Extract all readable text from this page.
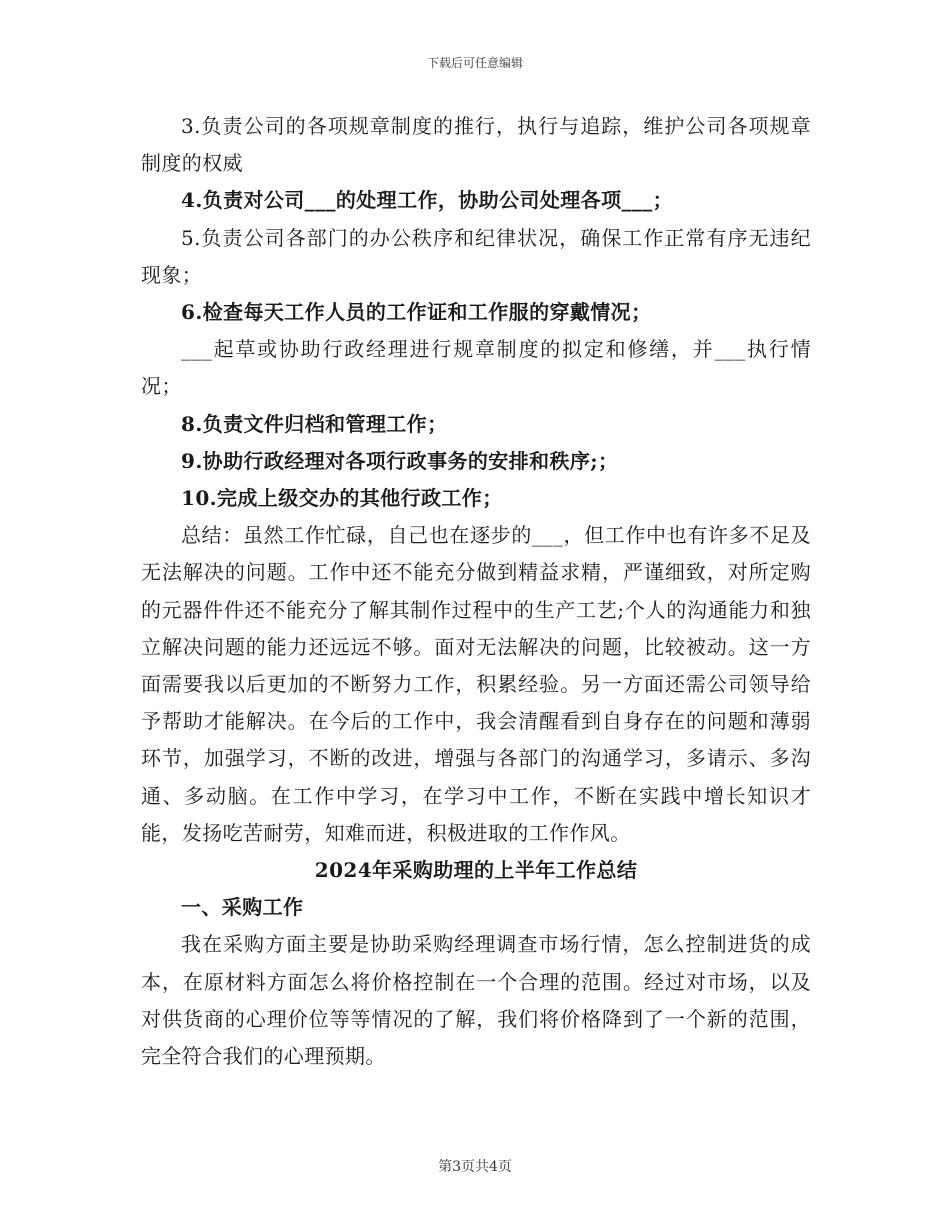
下载后可任意编辑

3.负责公司的各项规章制度的推行，执行与追踪，维护公司各项规章制度的权威

4.负责对公司___的处理工作，协助公司处理各项___；

5.负责公司各部门的办公秩序和纪律状况，确保工作正常有序无违纪现象；

6.检查每天工作人员的工作证和工作服的穿戴情况；

___起草或协助行政经理进行规章制度的拟定和修缮，并___执行情况；

8.负责文件归档和管理工作；

9.协助行政经理对各项行政事务的安排和秩序;；

10.完成上级交办的其他行政工作；

总结：虽然工作忙碌，自己也在逐步的___，但工作中也有许多不足及无法解决的问题。工作中还不能充分做到精益求精，严谨细致，对所定购的元器件件还不能充分了解其制作过程中的生产工艺;个人的沟通能力和独立解决问题的能力还远远不够。面对无法解决的问题，比较被动。这一方面需要我以后更加的不断努力工作，积累经验。另一方面还需公司领导给予帮助才能解决。在今后的工作中，我会清醒看到自身存在的问题和薄弱环节，加强学习，不断的改进，增强与各部门的沟通学习，多请示、多沟通、多动脑。在工作中学习，在学习中工作，不断在实践中增长知识才能，发扬吃苦耐劳，知难而进，积极进取的工作作风。

2024年采购助理的上半年工作总结

一、采购工作

我在采购方面主要是协助采购经理调查市场行情，怎么控制进货的成本，在原材料方面怎么将价格控制在一个合理的范围。经过对市场，以及对供货商的心理价位等等情况的了解，我们将价格降到了一个新的范围，完全符合我们的心理预期。

第3页共4页
